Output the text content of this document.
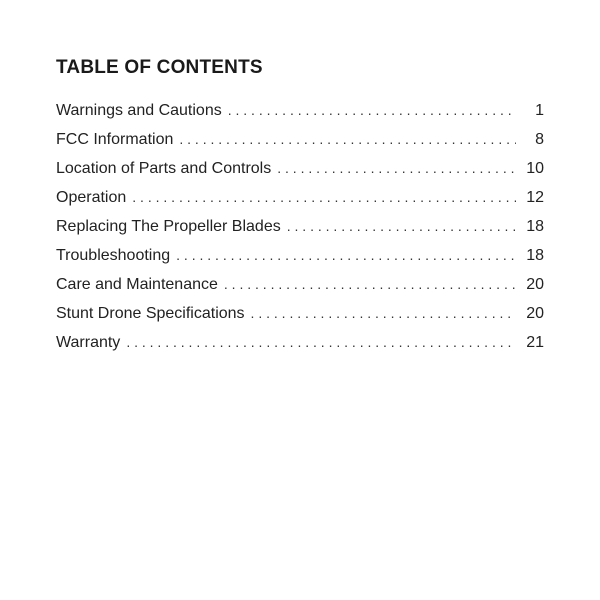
TABLE OF CONTENTS
Warnings and Cautions . . .	1
FCC Information . . .	8
Location of Parts and Controls . . .	10
Operation . . .	12
Replacing The Propeller Blades . . .	18
Troubleshooting . . .	18
Care and Maintenance . . .	20
Stunt Drone Specifications . . .	20
Warranty . . .	21
